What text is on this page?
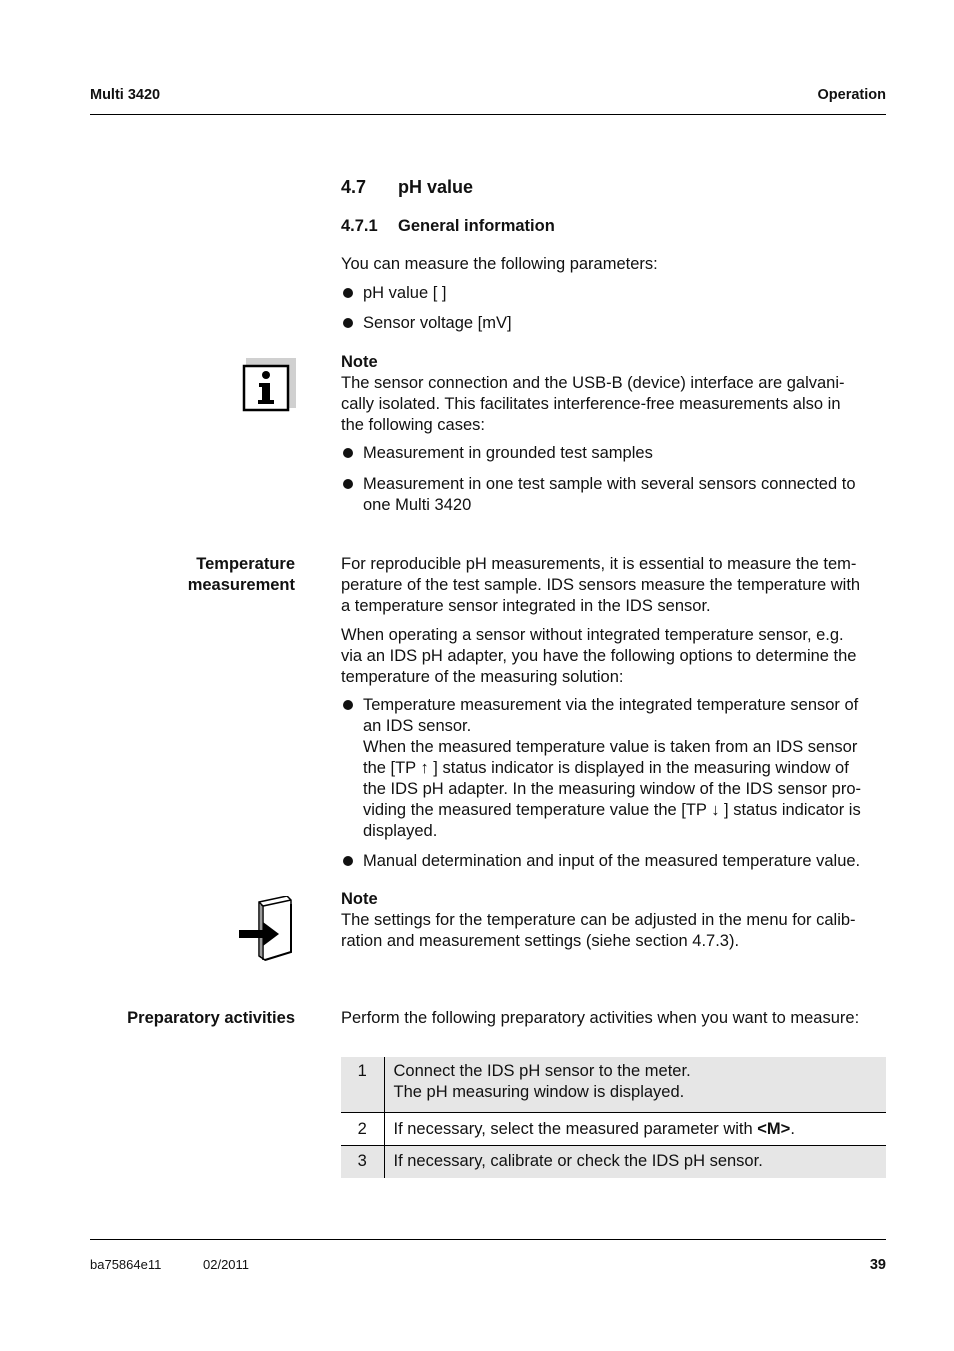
Multi 3420	Operation
4.7 pH value
4.7.1 General information
You can measure the following parameters:
pH value [ ]
Sensor voltage [mV]
Note
The sensor connection and the USB-B (device) interface are galvani-
cally isolated. This facilitates interference-free measurements also in
the following cases:
Measurement in grounded test samples
Measurement in one test sample with several sensors connected to
one Multi 3420
Temperature
measurement
For reproducible pH measurements, it is essential to measure the tem-
perature of the test sample. IDS sensors measure the temperature with
a temperature sensor integrated in the IDS sensor.
When operating a sensor without integrated temperature sensor, e.g.
via an IDS pH adapter, you have the following options to determine the
temperature of the measuring solution:
Temperature measurement via the integrated temperature sensor of
an IDS sensor.
When the measured temperature value is taken from an IDS sensor
the [TP ↑ ] status indicator is displayed in the measuring window of
the IDS pH adapter. In the measuring window of the IDS sensor pro-
viding the measured temperature value the [TP ↓ ] status indicator is
displayed.
Manual determination and input of the measured temperature value.
Note
The settings for the temperature can be adjusted in the menu for calib-
ration and measurement settings (siehe section 4.7.3).
Preparatory activities	Perform the following preparatory activities when you want to measure:
1	Connect the IDS pH sensor to the meter.
The pH measuring window is displayed.

2	If necessary, select the measured parameter with <M>.
3	If necessary, calibrate or check the IDS pH sensor.
ba75864e11	02/2011	39
